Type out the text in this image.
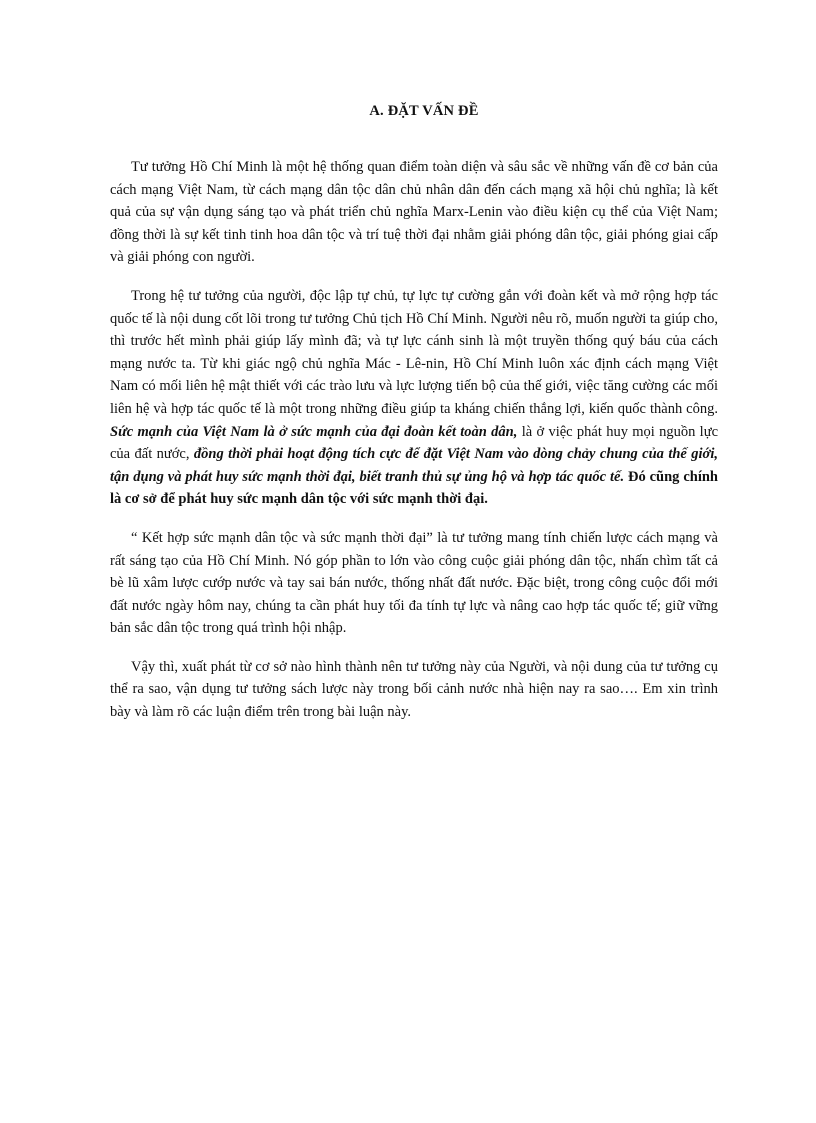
A. ĐẶT VẤN ĐỀ

Tư tưởng Hồ Chí Minh là một hệ thống quan điểm toàn diện và sâu sắc về những vấn đề cơ bản của cách mạng Việt Nam, từ cách mạng dân tộc dân chủ nhân dân đến cách mạng xã hội chủ nghĩa; là kết quả của sự vận dụng sáng tạo và phát triển chủ nghĩa Marx-Lenin vào điều kiện cụ thể của Việt Nam; đồng thời là sự kết tinh tinh hoa dân tộc và trí tuệ thời đại nhằm giải phóng dân tộc, giải phóng giai cấp và giải phóng con người.

Trong hệ tư tưởng của người, độc lập tự chủ, tự lực tự cường gắn với đoàn kết và mở rộng hợp tác quốc tế là nội dung cốt lõi trong tư tưởng Chủ tịch Hồ Chí Minh. Người nêu rõ, muốn người ta giúp cho, thì trước hết mình phải giúp lấy mình đã; và tự lực cánh sinh là một truyền thống quý báu của cách mạng nước ta. Từ khi giác ngộ chủ nghĩa Mác - Lê-nin, Hồ Chí Minh luôn xác định cách mạng Việt Nam có mối liên hệ mật thiết với các trào lưu và lực lượng tiến bộ của thế giới, việc tăng cường các mối liên hệ và hợp tác quốc tế là một trong những điều giúp ta kháng chiến thắng lợi, kiến quốc thành công. Sức mạnh của Việt Nam là ở sức mạnh của đại đoàn kết toàn dân, là ở việc phát huy mọi nguồn lực của đất nước, đồng thời phải hoạt động tích cực để đặt Việt Nam vào dòng chảy chung của thế giới, tận dụng và phát huy sức mạnh thời đại, biết tranh thủ sự ủng hộ và hợp tác quốc tế. Đó cũng chính là cơ sở để phát huy sức mạnh dân tộc với sức mạnh thời đại.

“ Kết hợp sức mạnh dân tộc và sức mạnh thời đại” là tư tưởng mang tính chiến lược cách mạng và rất sáng tạo của Hồ Chí Minh. Nó góp phần to lớn vào công cuộc giải phóng dân tộc, nhấn chìm tất cả bè lũ xâm lược cướp nước và tay sai bán nước, thống nhất đất nước. Đặc biệt, trong công cuộc đổi mới đất nước ngày hôm nay, chúng ta cần phát huy tối đa tính tự lực và nâng cao hợp tác quốc tế; giữ vững bản sắc dân tộc trong quá trình hội nhập.

Vậy thì, xuất phát từ cơ sở nào hình thành nên tư tưởng này của Người, và nội dung của tư tưởng cụ thể ra sao, vận dụng tư tưởng sách lược này trong bối cảnh nước nhà hiện nay ra sao…. Em xin trình bày và làm rõ các luận điểm trên trong bài luận này.
